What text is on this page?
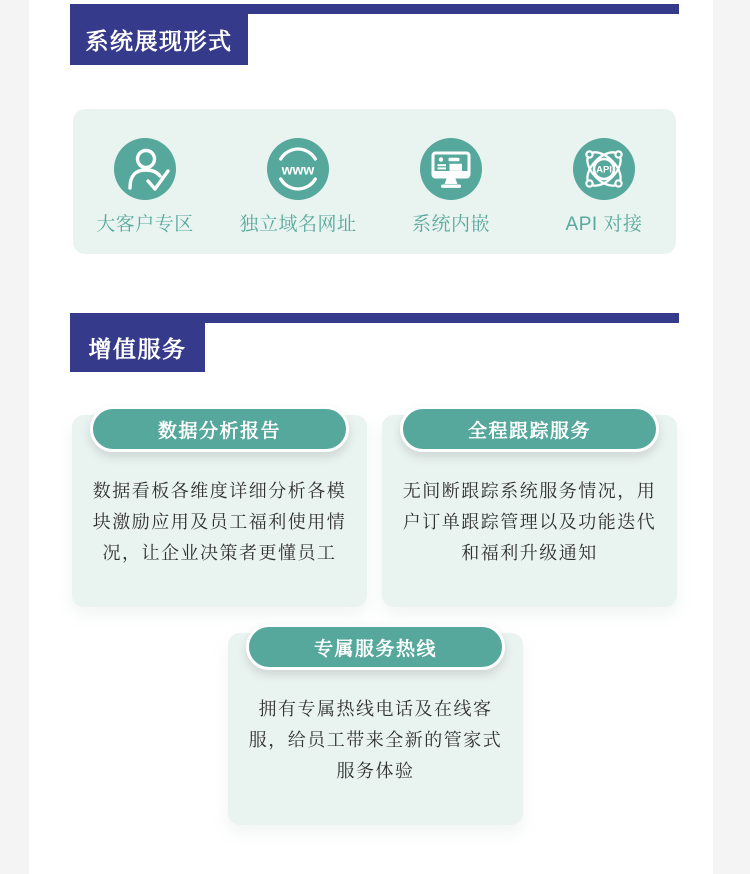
系统展现形式
大客户专区
www
独立域名网址	系统内嵌
API
API 对接
增值服务
数据看板各维度详细分析各模
块激励应用及员工福利使用情
况，让企业决策者更懂员工
数据分析报告
无间断跟踪系统服务情况，用
户订单跟踪管理以及功能迭代
和福利升级通知
全程跟踪服务
拥有专属热线电话及在线客
服，给员工带来全新的管家式
服务体验
专属服务热线
